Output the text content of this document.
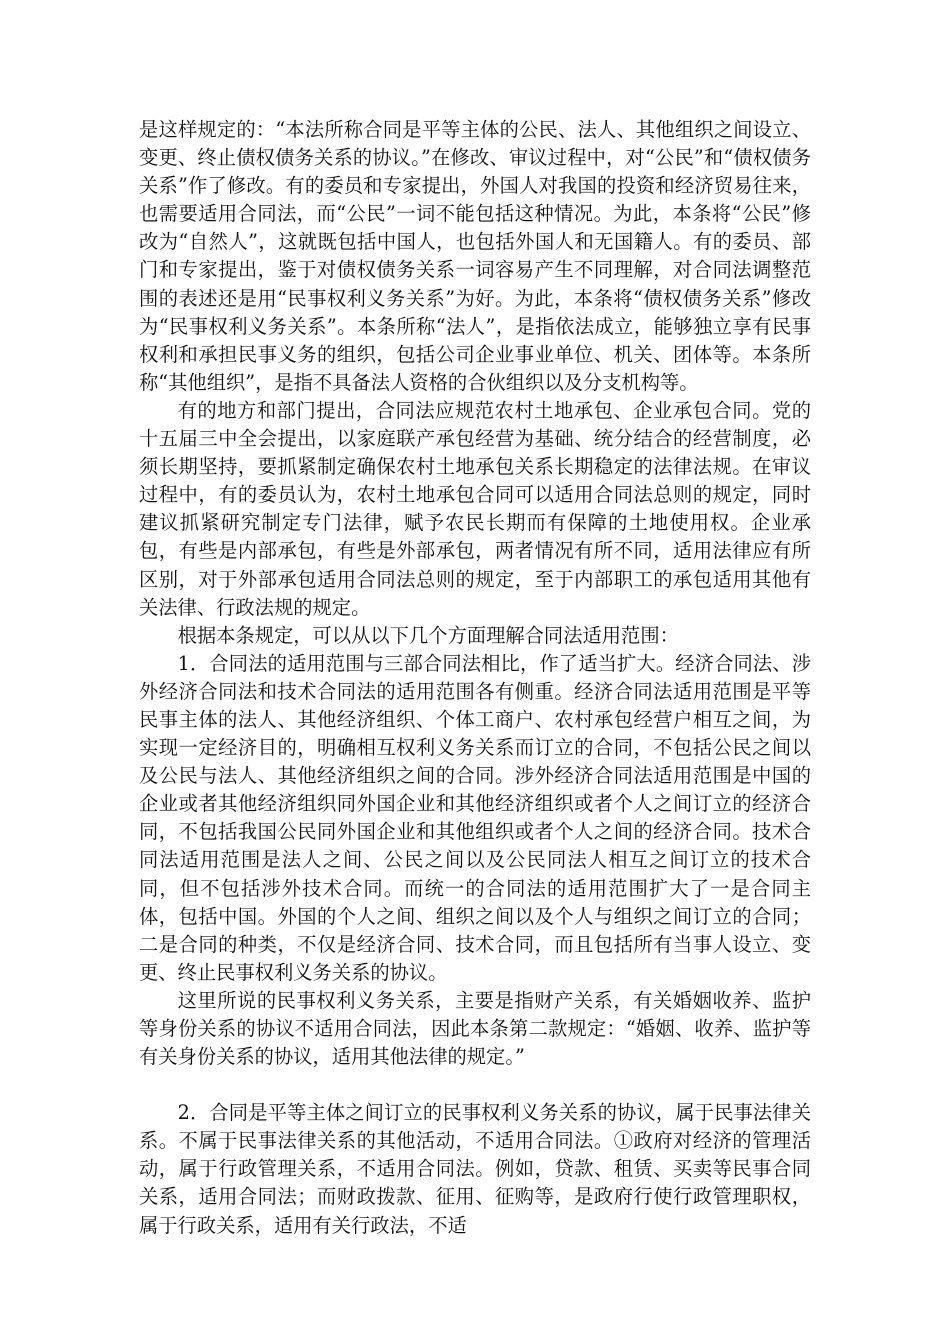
是这样规定的：“本法所称合同是平等主体的公民、法人、其他组织之间设立、变更、终止债权债务关系的协议。”在修改、审议过程中，对“公民”和“债权债务关系”作了修改。有的委员和专家提出，外国人对我国的投资和经济贸易往来，也需要适用合同法，而“公民”一词不能包括这种情况。为此，本条将“公民”修改为“自然人”，这就既包括中国人，也包括外国人和无国籍人。有的委员、部门和专家提出，鉴于对债权债务关系一词容易产生不同理解，对合同法调整范围的表述还是用“民事权利义务关系”为好。为此，本条将“债权债务关系”修改为“民事权利义务关系”。本条所称“法人”，是指依法成立，能够独立享有民事权利和承担民事义务的组织，包括公司企业事业单位、机关、团体等。本条所称“其他组织”，是指不具备法人资格的合伙组织以及分支机构等。

有的地方和部门提出，合同法应规范农村土地承包、企业承包合同。党的十五届三中全会提出，以家庭联产承包经营为基础、统分结合的经营制度，必须长期坚持，要抓紧制定确保农村土地承包关系长期稳定的法律法规。在审议过程中，有的委员认为，农村土地承包合同可以适用合同法总则的规定，同时建议抓紧研究制定专门法律，赋予农民长期而有保障的土地使用权。企业承包，有些是内部承包，有些是外部承包，两者情况有所不同，适用法律应有所区别，对于外部承包适用合同法总则的规定，至于内部职工的承包适用其他有关法律、行政法规的规定。

根据本条规定，可以从以下几个方面理解合同法适用范围：

1．合同法的适用范围与三部合同法相比，作了适当扩大。经济合同法、涉外经济合同法和技术合同法的适用范围各有侧重。经济合同法适用范围是平等民事主体的法人、其他经济组织、个体工商户、农村承包经营户相互之间，为实现一定经济目的，明确相互权利义务关系而订立的合同，不包括公民之间以及公民与法人、其他经济组织之间的合同。涉外经济合同法适用范围是中国的企业或者其他经济组织同外国企业和其他经济组织或者个人之间订立的经济合同，不包括我国公民同外国企业和其他组织或者个人之间的经济合同。技术合同法适用范围是法人之间、公民之间以及公民同法人相互之间订立的技术合同，但不包括涉外技术合同。而统一的合同法的适用范围扩大了一是合同主体，包括中国。外国的个人之间、组织之间以及个人与组织之间订立的合同；二是合同的种类，不仅是经济合同、技术合同，而且包括所有当事人设立、变更、终止民事权利义务关系的协议。

这里所说的民事权利义务关系，主要是指财产关系，有关婚姻收养、监护等身份关系的协议不适用合同法，因此本条第二款规定：“婚姻、收养、监护等有关身份关系的协议，适用其他法律的规定。”

2．合同是平等主体之间订立的民事权利义务关系的协议，属于民事法律关系。不属于民事法律关系的其他活动，不适用合同法。①政府对经济的管理活动，属于行政管理关系，不适用合同法。例如，贷款、租赁、买卖等民事合同关系，适用合同法；而财政拨款、征用、征购等，是政府行使行政管理职权，属于行政关系，适用有关行政法，不适
